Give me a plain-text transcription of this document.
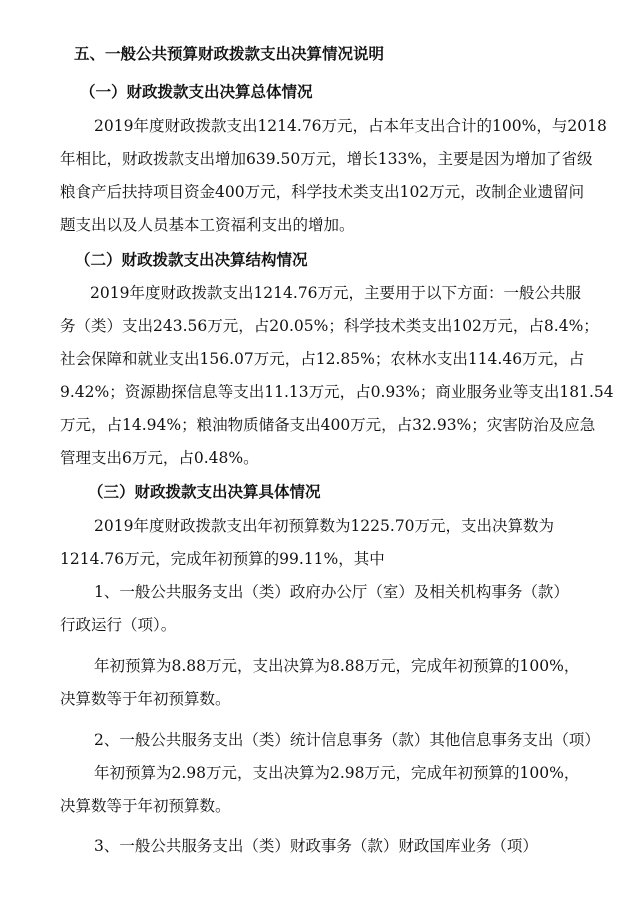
五、一般公共预算财政拨款支出决算情况说明
（一）财政拨款支出决算总体情况
2019年度财政拨款支出1214.76万元，占本年支出合计的100%，与2018
年相比，财政拨款支出增加639.50万元，增长133%，主要是因为增加了省级
粮食产后扶持项目资金400万元，科学技术类支出102万元，改制企业遗留问
题支出以及人员基本工资福利支出的增加。
（二）财政拨款支出决算结构情况
2019年度财政拨款支出1214.76万元，主要用于以下方面：一般公共服
务（类）支出243.56万元，占20.05%；科学技术类支出102万元，占8.4%；
社会保障和就业支出156.07万元，占12.85%；农林水支出114.46万元，占
9.42%；资源勘探信息等支出11.13万元，占0.93%；商业服务业等支出181.54
万元，占14.94%；粮油物质储备支出400万元，占32.93%；灾害防治及应急
管理支出6万元，占0.48%。
（三）财政拨款支出决算具体情况
2019年度财政拨款支出年初预算数为1225.70万元，支出决算数为
1214.76万元，完成年初预算的99.11%，其中
1、一般公共服务支出（类）政府办公厅（室）及相关机构事务（款）
行政运行（项）。
年初预算为8.88万元，支出决算为8.88万元，完成年初预算的100%，
决算数等于年初预算数。
2、一般公共服务支出（类）统计信息事务（款）其他信息事务支出（项）
年初预算为2.98万元，支出决算为2.98万元，完成年初预算的100%，
决算数等于年初预算数。
3、一般公共服务支出（类）财政事务（款）财政国库业务（项）
